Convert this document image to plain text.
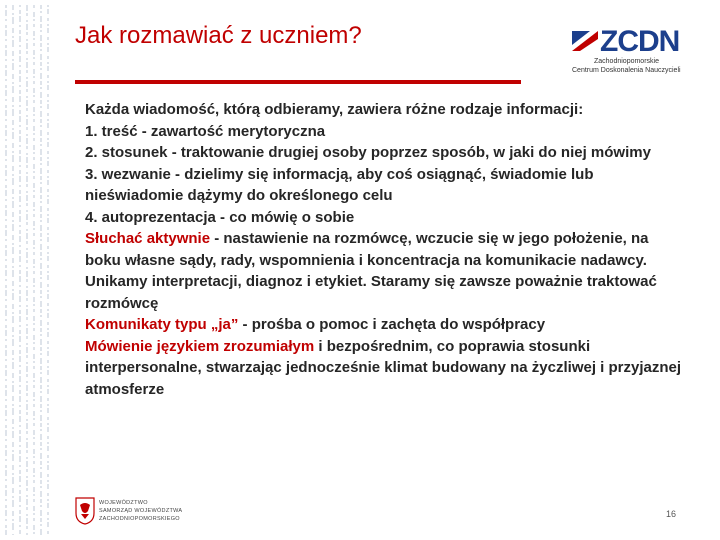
Jak rozmawiać z uczniem?	ZCDN
Zachodniopomorskie
Centrum Doskonalenia Nauczycieli

Każda wiadomość, którą odbieramy, zawiera różne rodzaje informacji:

1. treść - zawartość merytoryczna

2. stosunek - traktowanie drugiej osoby poprzez sposób, w jaki do niej mówimy

3. wezwanie - dzielimy się informacją, aby coś osiągnąć, świadomie lub nieświadomie dążymy do określonego celu

4. autoprezentacja - co mówię o sobie

Słuchać aktywnie - nastawienie na rozmówcę, wczucie się w jego położenie, na boku własne sądy, rady, wspomnienia i koncentracja na komunikacie nadawcy. Unikamy interpretacji, diagnoz i etykiet. Staramy się zawsze poważnie traktować rozmówcę

Komunikaty typu „ja” - prośba o pomoc i zachęta do współpracy

Mówienie językiem zrozumiałym i bezpośrednim, co poprawia stosunki interpersonalne, stwarzając jednocześnie klimat budowany na życzliwej i przyjaznej atmosferze

WOJEWÓDZTWO
SAMORZĄD WOJEWÓDZTWA
ZACHODNIOPOMORSKIEGO	16
